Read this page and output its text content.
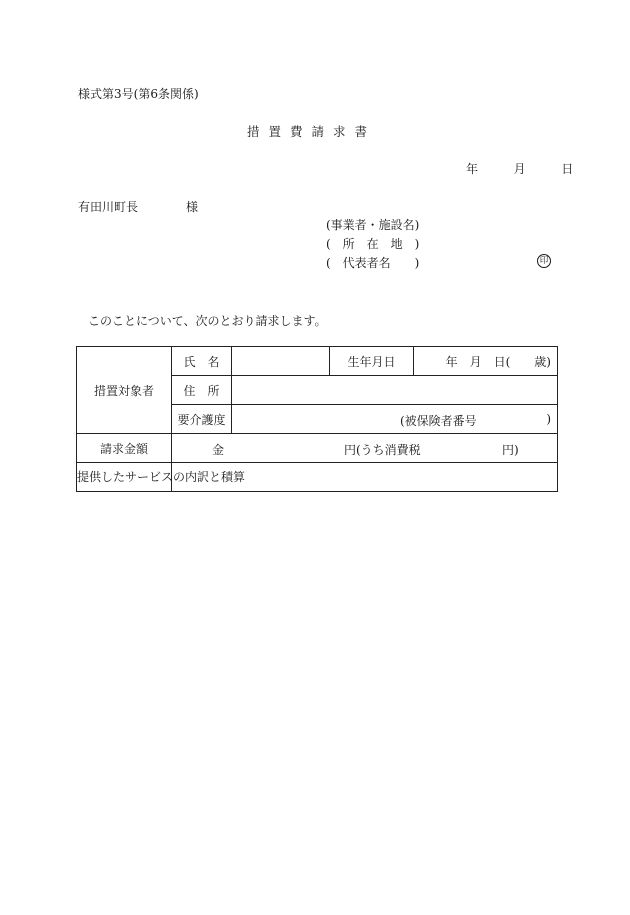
様式第3号(第6条関係)
措置費請求書
年	月	日
有田川町長	様
(事業者・施設名)
(　所　在　地　)
(　代表者名　　)	印
このことについて、次のとおり請求します。
措置対象者	氏　名		生年月日	年　月　日(　　歳)
	住　所			
	要介護度	(被保険者番号 )		

請求金額	金 円(うち消費税 円)			

提供したサービスの内訳と積算				
